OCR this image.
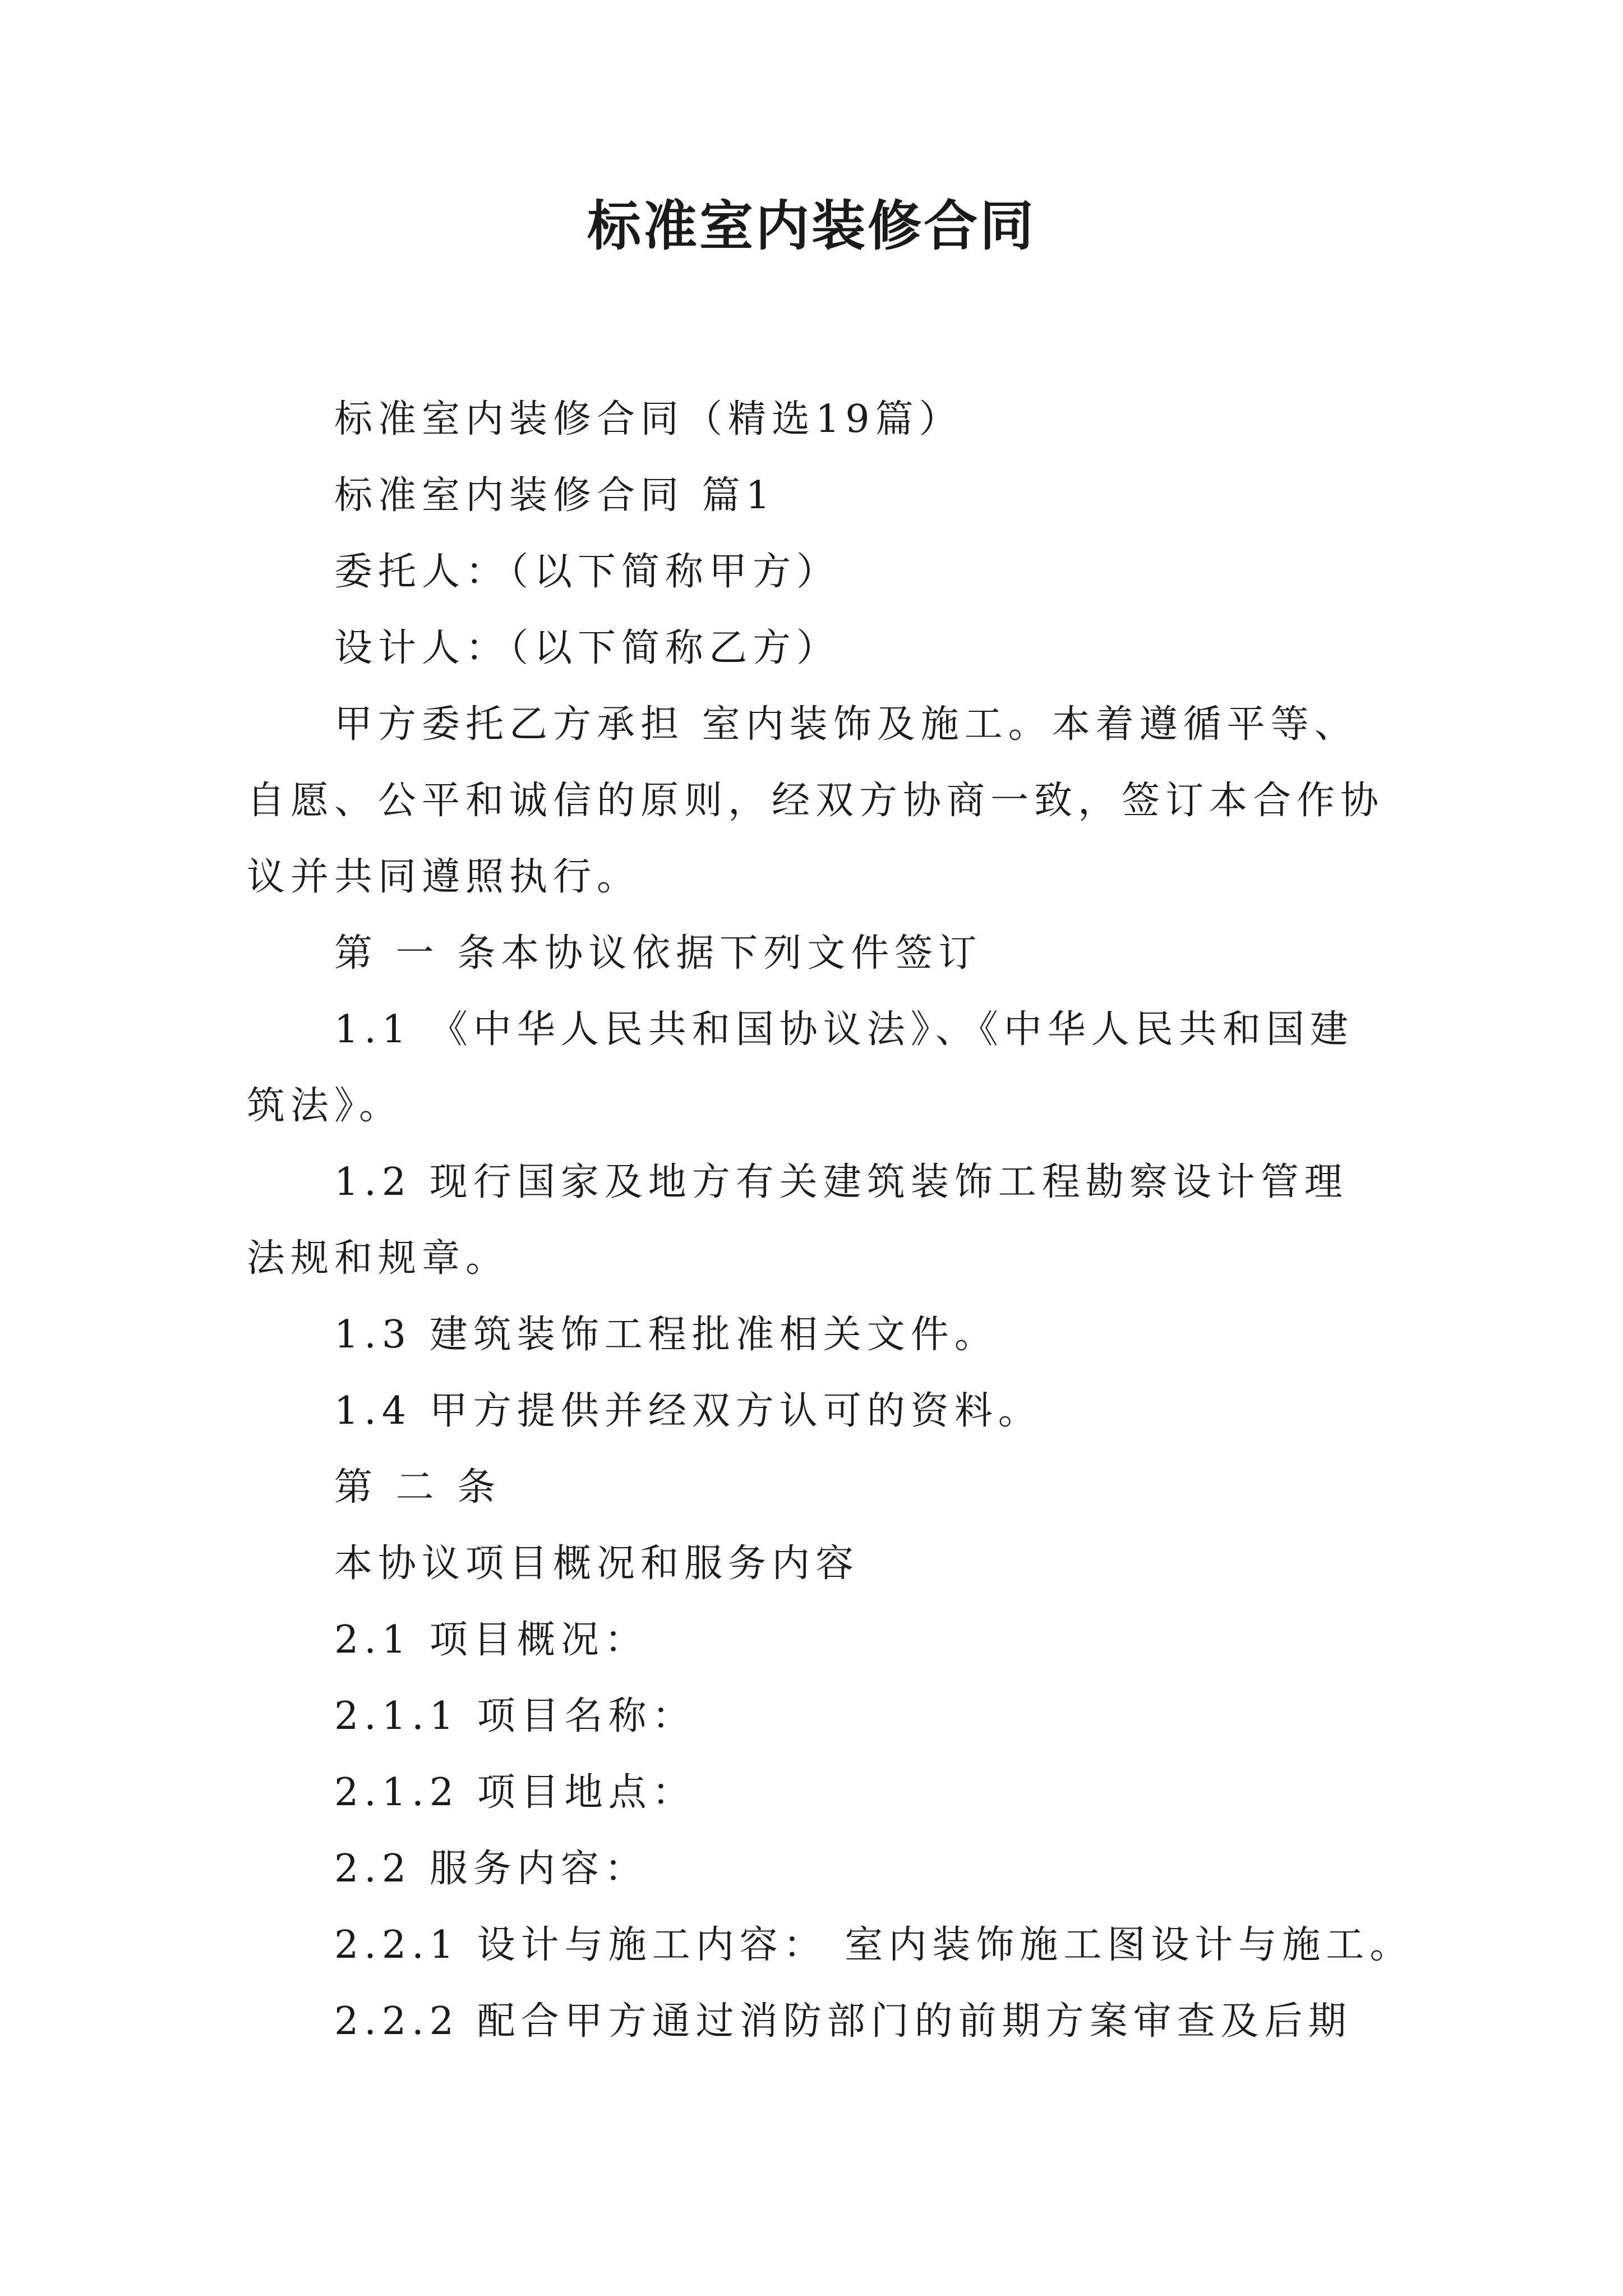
标准室内装修合同
标准室内装修合同（精选19篇）
标准室内装修合同 篇1
委托人：（以下简称甲方）
设计人：（以下简称乙方）

甲方委托乙方承担 室内装饰及施工。本着遵循平等、自愿、公平和诚信的原则，经双方协商一致，签订本合作协议并共同遵照执行。

第 一 条本协议依据下列文件签订

1.1 《中华人民共和国协议法》、《中华人民共和国建筑法》。

1.2 现行国家及地方有关建筑装饰工程勘察设计管理法规和规章。

1.3 建筑装饰工程批准相关文件。
1.4 甲方提供并经双方认可的资料。
第 二 条
本协议项目概况和服务内容
2.1 项目概况：
2.1.1 项目名称：
2.1.2 项目地点：
2.2 服务内容：
2.2.1 设计与施工内容： 室内装饰施工图设计与施工。
2.2.2 配合甲方通过消防部门的前期方案审查及后期
